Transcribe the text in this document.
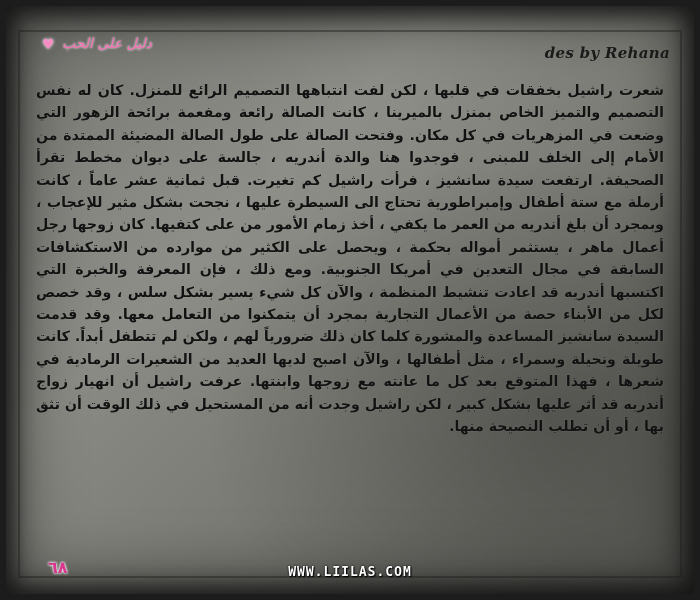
♥ دليل على الحب	des by Rehana
شعرت راشيل بخفقات في قلبها ، لكن لفت انتباهها التصميم الرائع للمنزل. كان له نفس التصميم والتميز الخاص بمنزل بالميرينا ، كانت الصالة رائعة ومفعمة برائحة الزهور التي وضعت في المزهريات في كل مكان. وفتحت الصالة على طول الصالة المضيئة الممتدة من الأمام إلى الخلف للمبنى ، فوجدوا هنا والدة أندريه ، جالسة على ديوان مخطط تقرأ الصحيفة. ارتفعت سيدة سانشيز ، فرأت راشيل كم تغيرت. قبل ثمانية عشر عاماً ، كانت أرملة مع ستة أطفال وإمبراطورية تحتاج الى السيطرة عليها ، نجحت بشكل مثير للإعجاب ، وبمجرد أن بلغ أندريه من العمر ما يكفي ، أخذ زمام الأمور من على كتفيها. كان زوجها رجل أعمال ماهر ، يستثمر أمواله بحكمة ، ويحصل على الكثير من موارده من الاستكشافات السابقة في مجال التعدين في أمريكا الجنوبية. ومع ذلك ، فإن المعرفة والخبرة التي اكتسبها أندريه قد اعادت تنشيط المنظمة ، والآن كل شيء يسير بشكل سلس ، وقد خصص لكل من الأبناء حصة من الأعمال التجارية بمجرد أن يتمكنوا من التعامل معها. وقد قدمت السيدة سانشيز المساعدة والمشورة كلما كان ذلك ضرورياً لهم ، ولكن لم تتطفل أبداً. كانت طويلة ونحيلة وسمراء ، مثل أطفالها ، والآن اصبح لديها العديد من الشعيرات الرمادية في شعرها ، فهذا المتوقع بعد كل ما عانته مع زوجها وابنتها. عرفت راشيل أن انهيار زواج أندريه قد أثر عليها بشكل كبير ، لكن راشيل وجدت أنه من المستحيل في ذلك الوقت أن تثق بها ، أو أن تطلب النصيحة منها.
٦٨	WWW.LIILAS.COM
